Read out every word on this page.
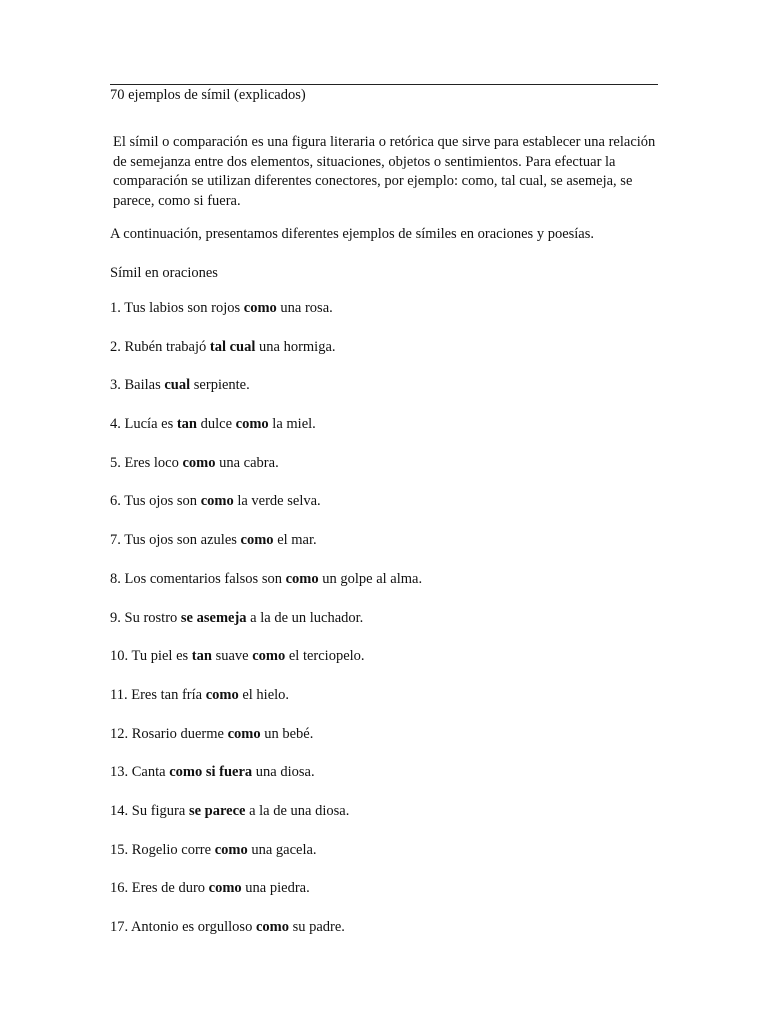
70 ejemplos de símil (explicados)

El símil o comparación es una figura literaria o retórica que sirve para establecer una relación de semejanza entre dos elementos, situaciones, objetos o sentimientos. Para efectuar la comparación se utilizan diferentes conectores, por ejemplo: como, tal cual, se asemeja, se parece, como si fuera.

A continuación, presentamos diferentes ejemplos de símiles en oraciones y poesías.

Símil en oraciones
1. Tus labios son rojos como una rosa.
2. Rubén trabajó tal cual una hormiga.
3. Bailas cual serpiente.
4. Lucía es tan dulce como la miel.
5. Eres loco como una cabra.
6. Tus ojos son como la verde selva.
7. Tus ojos son azules como el mar.
8. Los comentarios falsos son como un golpe al alma.
9. Su rostro se asemeja a la de un luchador.
10. Tu piel es tan suave como el terciopelo.
11. Eres tan fría como el hielo.
12. Rosario duerme como un bebé.
13. Canta como si fuera una diosa.
14. Su figura se parece a la de una diosa.
15. Rogelio corre como una gacela.
16. Eres de duro como una piedra.
17. Antonio es orgulloso como su padre.
